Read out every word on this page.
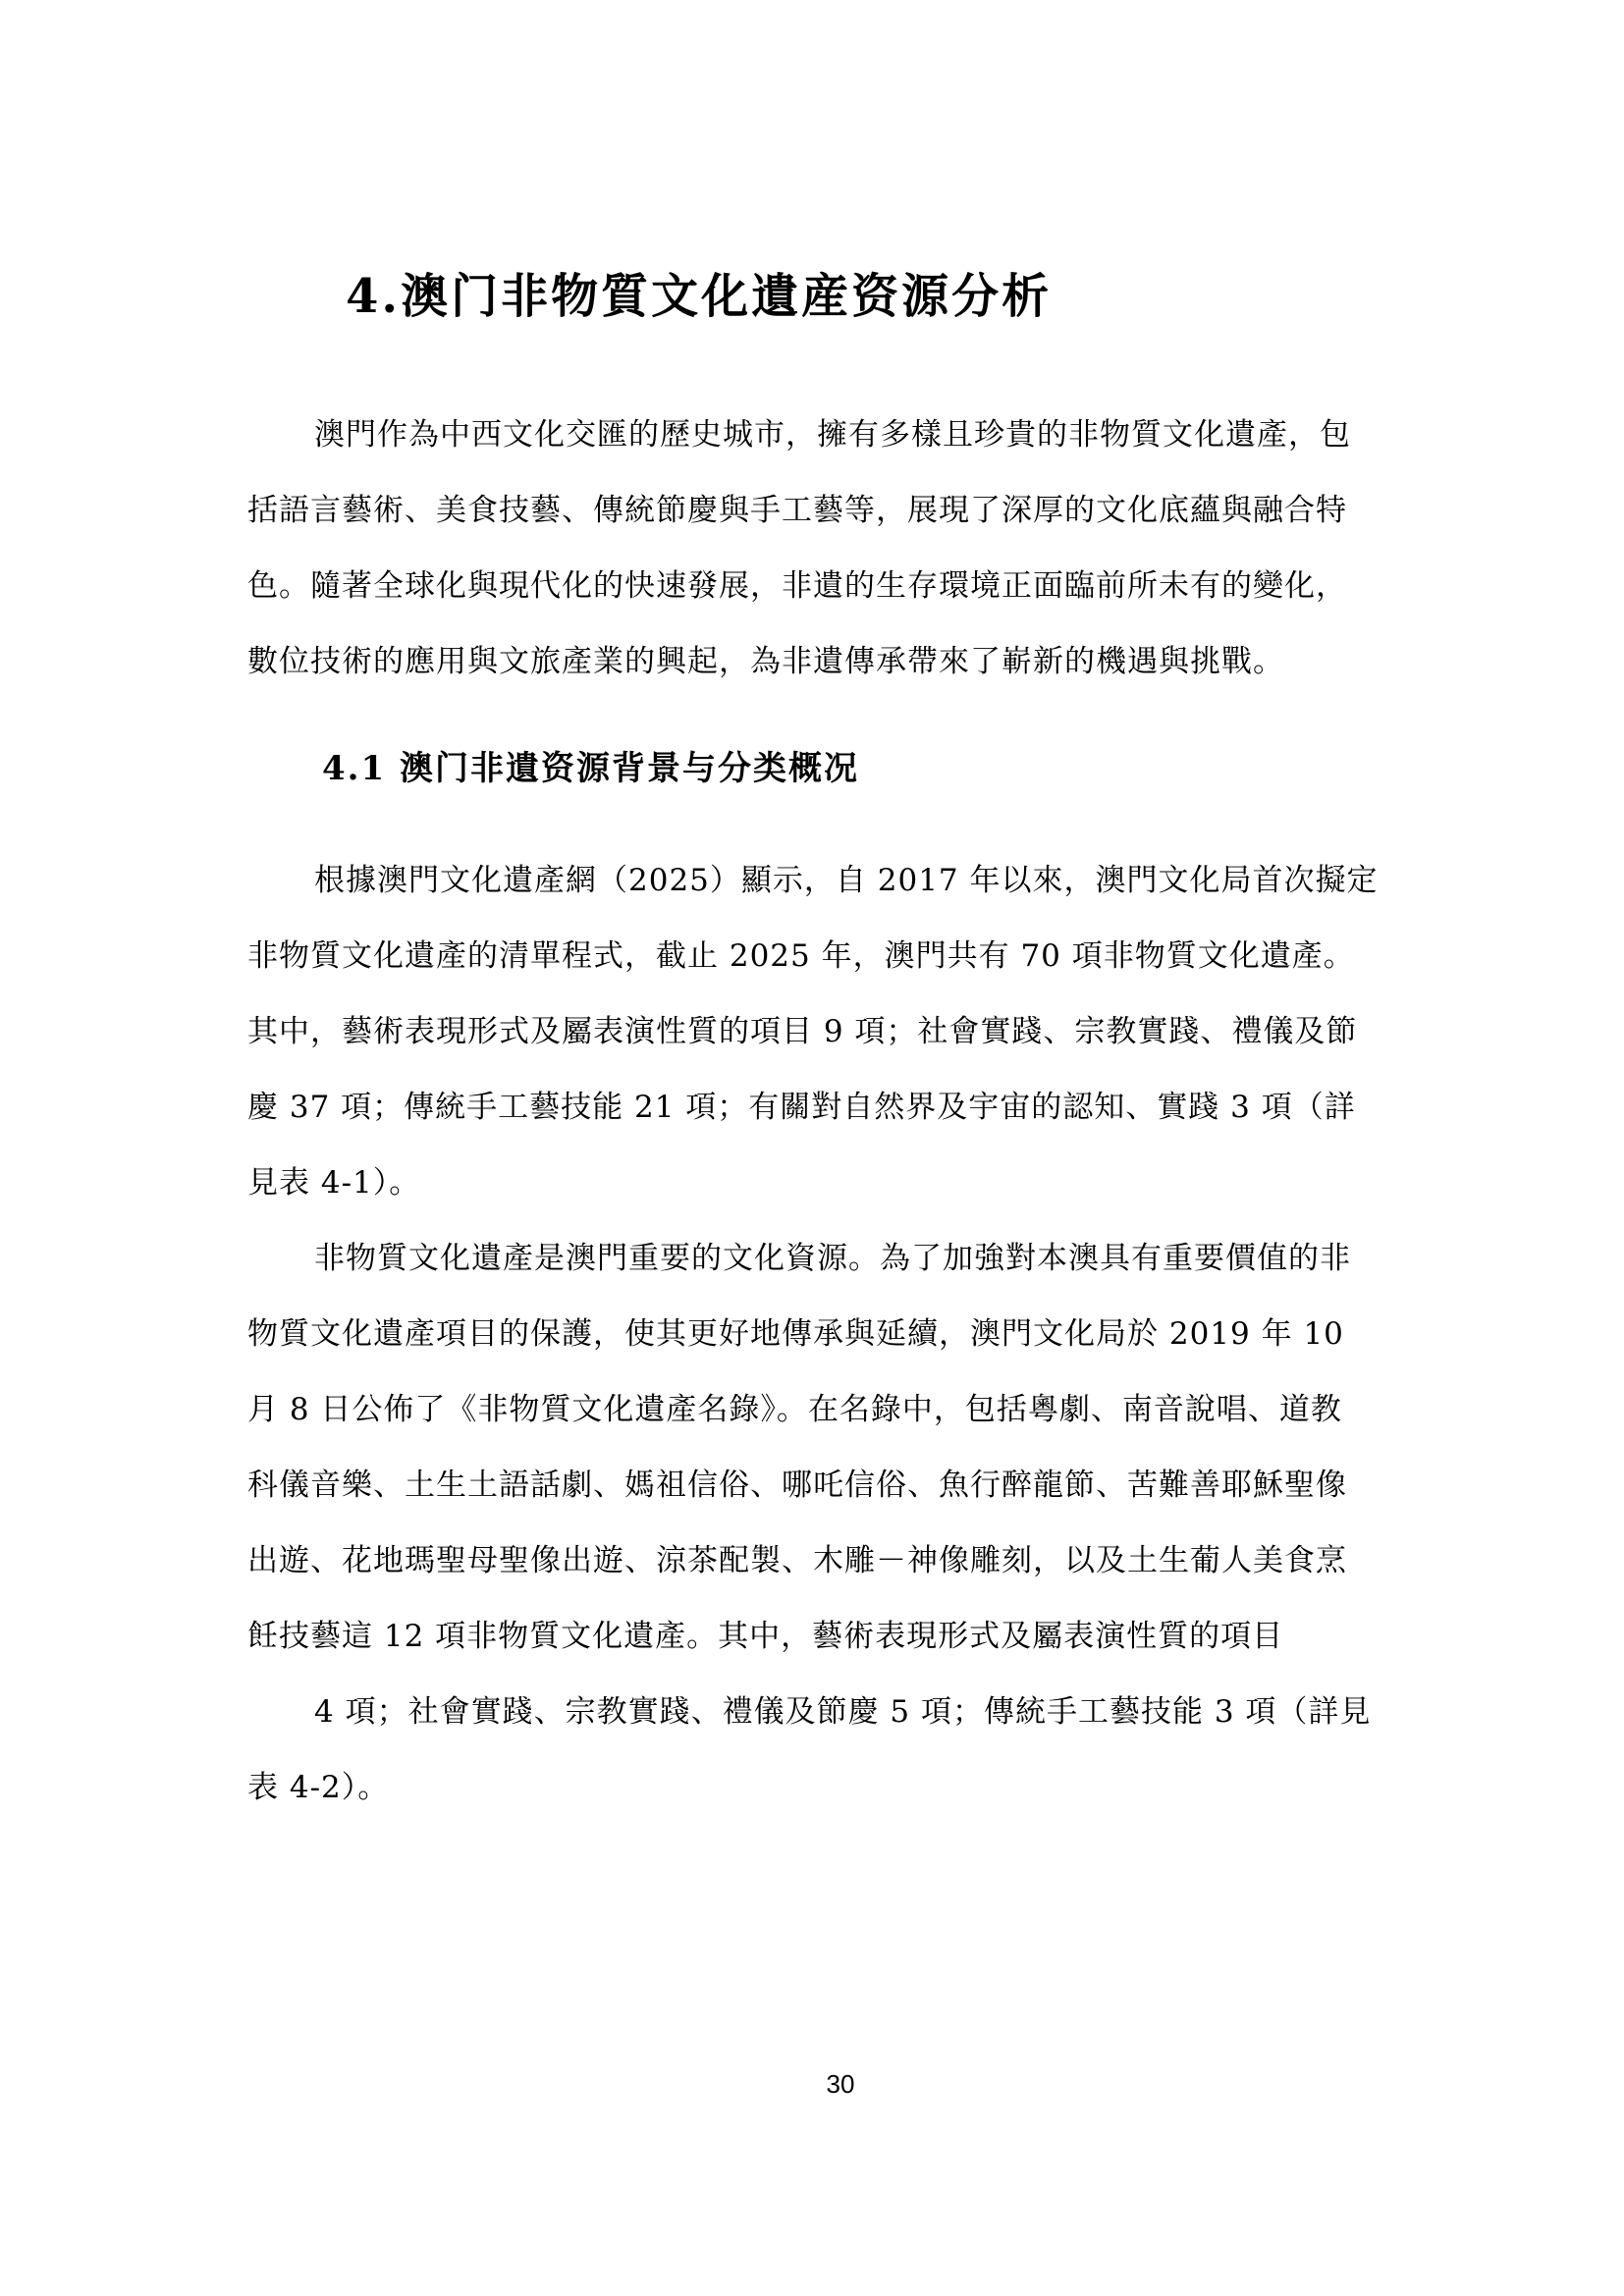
4.澳门非物質文化遺産资源分析

澳門作為中西文化交匯的歷史城市，擁有多樣且珍貴的非物質文化遺產，包

括語言藝術、美食技藝、傳統節慶與手工藝等，展現了深厚的文化底蘊與融合特

色。隨著全球化與現代化的快速發展，非遺的生存環境正面臨前所未有的變化，

數位技術的應用與文旅產業的興起，為非遺傳承帶來了嶄新的機遇與挑戰。

4.1 澳门非遺资源背景与分类概况

根據澳門文化遺產網（2025）顯示，自 2017 年以來，澳門文化局首次擬定

非物質文化遺產的清單程式，截止 2025 年，澳門共有 70 項非物質文化遺產。

其中，藝術表現形式及屬表演性質的項目 9 項；社會實踐、宗教實踐、禮儀及節

慶 37 項；傳統手工藝技能 21 項；有關對自然界及宇宙的認知、實踐 3 項（詳

見表 4-1）。

非物質文化遺產是澳門重要的文化資源。為了加強對本澳具有重要價值的非

物質文化遺產項目的保護，使其更好地傳承與延續，澳門文化局於 2019 年 10

月 8 日公佈了《非物質文化遺產名錄》。在名錄中，包括粵劇、南音說唱、道教

科儀音樂、土生土語話劇、媽祖信俗、哪吒信俗、魚行醉龍節、苦難善耶穌聖像

出遊、花地瑪聖母聖像出遊、涼茶配製、木雕－神像雕刻，以及土生葡人美食烹

飪技藝這 12 項非物質文化遺產。其中，藝術表現形式及屬表演性質的項目

4 項；社會實踐、宗教實踐、禮儀及節慶 5 項；傳統手工藝技能 3 項（詳見

表 4-2）。

30
